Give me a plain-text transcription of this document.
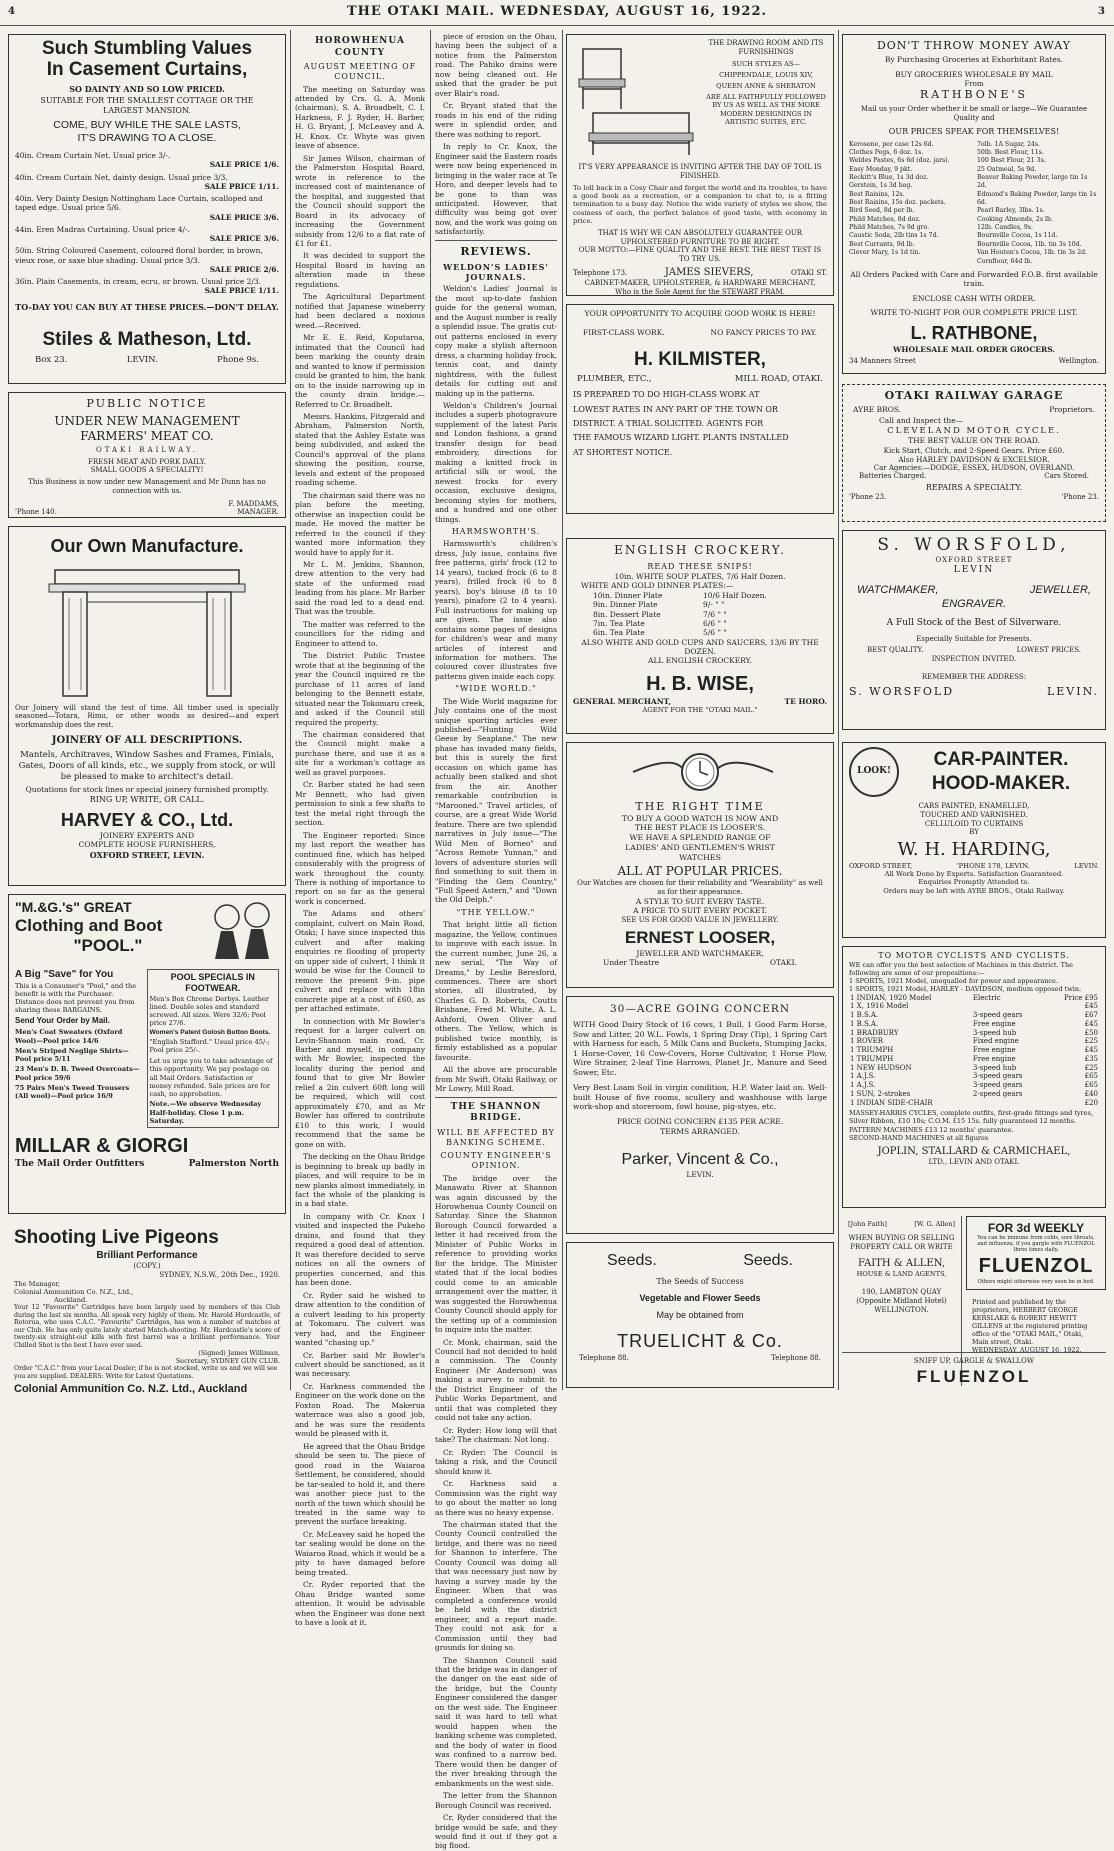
4	THE OTAKI MAIL. WEDNESDAY, AUGUST 16, 1922.	3
Such Stumbling Values
In Casement Curtains,
SO DAINTY AND SO LOW PRICED.
SUITABLE FOR THE SMALLEST COTTAGE OR THE LARGEST MANSION.
COME, BUY WHILE THE SALE LASTS,
IT'S DRAWING TO A CLOSE.
40in. Cream Curtain Net. Usual price 3/-.
SALE PRICE 1/6.
40in. Cream Curtain Net, dainty design. Usual price 3/3.
SALE PRICE 1/11.
40in. Very Dainty Design Nottingham Lace Curtain, scalloped and taped edge. Usual price 5/6.
SALE PRICE 3/6.
44in. Eren Madras Curtaining. Usual price 4/-.
SALE PRICE 3/6.
50in. String Coloured Casement, coloured floral border, in brown, vieux rose, or saxe blue shading. Usual price 3/3.
SALE PRICE 2/6.
36in. Plain Casements, in cream, ecru, or brown. Usual price 2/3.
SALE PRICE 1/11.
TO-DAY YOU CAN BUY AT THESE PRICES.—DON'T DELAY.
Stiles & Matheson, Ltd.
Box 23.	LEVIN.	Phone 9s.
PUBLIC NOTICE
UNDER NEW MANAGEMENT
FARMERS' MEAT CO.
OTAKI RAILWAY.
FRESH MEAT AND PORK DAILY.
SMALL GOODS A SPECIALITY!
This Business is now under new Management and Mr Dunn has no connection with us.
F. MADDAMS,
'Phone 140.	MANAGER.
Our Own Manufacture.
Our Joinery will stand the test of time. All timber used is specially seasoned—Totara, Rimu, or other woods as desired—and expert workmanship does the rest.
JOINERY OF ALL DESCRIPTIONS.
Mantels, Architraves, Window Sashes and Frames, Finials, Gates, Doors of all kinds, etc., we supply from stock, or will be pleased to make to architect's detail.
Quotations for stock lines or special joinery furnished promptly.
RING UP, WRITE, OR CALL.
HARVEY & CO., Ltd.
JOINERY EXPERTS AND
COMPLETE HOUSE FURNISHERS,
OXFORD STREET, LEVIN.
"M.&G.'s" GREAT
Clothing and Boot
"POOL."
A Big "Save" for You
This is a Consumer's "Pool," and the benefit is with the Purchaser. Distance does not prevent you from sharing these BARGAINS.
Send Your Order by Mail.
Men's Coat Sweaters (Oxford Wool)—Pool price 14/6
Men's Striped Neglige Shirts—Pool price 5/11
23 Men's D. B. Tweed Overcoats—Pool price 59/6
75 Pairs Men's Tweed Trousers (All wool)—Pool price 16/9
POOL SPECIALS IN FOOTWEAR.
Men's Box Chrome Derbys. Leather lined. Double soles and standard screwed. All sizes. Were 32/6; Pool price 27/6.
Women's Patent Golosh Button Boots.
"English Stafford." Usual price 45/-; Pool price 25/-.
Let us urge you to take advantage of this opportunity. We pay postage on all Mail Orders. Satisfaction or money refunded. Sale prices are for cash, no approbation.
Note.—We observe Wednesday Half-holiday. Close 1 p.m. Saturday.
MILLAR & GIORGI
The Mail Order Outfitters	Palmerston North
Shooting Live Pigeons
Brilliant Performance
(COPY.)
SYDNEY, N.S.W., 20th Dec., 1920.
The Manager,
Colonial Ammunition Co. N.Z., Ltd.,
Auckland.
Your 12 "Favourite" Cartridges have been largely used by members of this Club during the last six months. All speak very highly of them. Mr. Harold Hurdcastle, of Rotorua, who uses C.A.C. "Favourite" Cartridges, has won a number of matches at our Club. He has only quite lately started Match-shooting. Mr. Hardcastle's score of twenty-six straight-out kills with first barrel was a brilliant performance. Your Chilled Shot is the best I have ever used.
(Signed) James Williman,
Secretary, SYDNEY GUN CLUB.
Order "C.A.C." from your Local Dealer; if he is not stocked, write us and we will see you are supplied. DEALERS: Write for Latest Quotations.
Colonial Ammunition Co. N.Z. Ltd., Auckland
HOROWHENUA COUNTY
AUGUST MEETING OF COUNCIL.

The meeting on Saturday was attended by Crs. G. A. Monk (chairman), S. A. Broadbelt, C. I. Harkness, F. J. Ryder, H. Barber, H. G. Bryant, J. McLeavey and A. H. Knox. Cr. Whyte was given leave of absence.

Sir James Wilson, chairman of the Palmerston Hospital Board, wrote in reference to the increased cost of maintenance of the hospital, and suggested that the Council should support the Board in its advocacy of increasing the Government subsidy from 12/6 to a flat rate of £1 for £1.

It was decided to support the Hospital Board in having an alteration made in these regulations.

The Agricultural Department notified that Japanese wineberry had been declared a noxious weed.—Received.

Mr E. E. Reid, Koputaroa, intimated that the Council had been marking the county drain and wanted to know if permission could be granted to him, the bank on to the inside narrowing up in the county drain bridge.—Referred to Cr. Broadbelt.

Messrs. Hankins, Fitzgerald and Abraham, Palmerston North, stated that the Ashley Estate was being subdivided, and asked the Council's approval of the plans showing the position, course, levels and extent of the proposed roading scheme.

The chairman said there was no plan before the meeting, otherwise an inspection could be made. He moved the matter be referred to the council if they wanted more information they would have to apply for it.

Mr L. M. Jenkins, Shannon, drew attention to the very bad state of the unformed road leading from his place. Mr Barber said the road led to a dead end. That was the trouble.

The matter was referred to the councillors for the riding and Engineer to attend to.

The District Public Trustee wrote that at the beginning of the year the Council inquired re the purchase of 11 acres of land belonging to the Bennett estate, situated near the Tokomaru creek, and asked if the Council still required the property.

The chairman considered that the Council might make a purchase there, and use it as a site for a workman's cottage as well as gravel purposes.

Cr. Barber stated he had seen Mr Bennett, who had given permission to sink a few shafts to test the metal right through the section.

The Engineer reported: Since my last report the weather has continued fine, which has helped considerably with the progress of work throughout the county. There is nothing of importance to report on so far as the general work is concerned.

The Adams and others' complaint, culvert on Main Road, Otaki; I have since inspected this culvert and after making enquiries re flooding of property on upper side of culvert, I think it would be wise for the Council to remove the present 9-in. pipe culvert and replace with 18in concrete pipe at a cost of £60, as per attached estimate.

In connection with Mr Bowler's request for a larger culvert on Levin-Shannon main road, Cr. Barber and myself, in company with Mr Bowler, inspected the locality during the period and found that to give Mr Bowler relief a 2in culvert 60ft long will be required, which will cost approximately £70, and as Mr Bowler has offered to contribute £10 to this work, I would recommend that the same be gone on with.

The decking on the Ohau Bridge is beginning to break up badly in places, and will require to be in new planks almost immediately, in fact the whole of the planking is in a bad state.

In company with Cr. Knox I visited and inspected the Pukeho drains, and found that they required a good deal of attention. It was therefore decided to serve notices on all the owners of properties concerned, and this has been done.

Cr. Ryder said he wished to draw attention to the condition of a culvert leading to his property at Tokomaru. The culvert was very bad, and the Engineer wanted "chasing up."

Cr. Barber said Mr Bowler's culvert should be sanctioned, as it was necessary.

Cr. Harkness commended the Engineer on the work done on the Foxton Road. The Makerua waterrace was also a good job, and he was sure the residents would be pleased with it.

He agreed that the Ohau Bridge should be seen to. The piece of good road in the Waiaroa Settlement, he considered, should be tar-sealed to hold it, and there was another piece just to the north of the town which should be treated in the same way to prevent the surface breaking.

Cr. McLeavey said he hoped the tar sealing would be done on the Waiaroa Road, which it would be a pity to have damaged before being treated.

Cr. Ryder reported that the Ohau Bridge wanted some attention. It would be advisable when the Engineer was done next to have a look at it.

piece of erosion on the Ohau, having been the subject of a notice from the Palmerston road. The Pahiko drains were now being cleaned out. He asked that the grader be put over Blair's road.

Cr. Bryant stated that the roads in his end of the riding were in splendid order, and there was nothing to report.

In reply to Cr. Knox, the Engineer said the Eastern roads were now being experienced in bringing in the water race at Te Horo, and deeper levels had to be gone to than was anticipated. However, that difficulty was being got over now, and the work was going on satisfactorily.

REVIEWS.
WELDON'S LADIES' JOURNALS.

Weldon's Ladies' Journal is the most up-to-date fashion guide for the general woman, and the August number is really a splendid issue. The gratis cut-out patterns enclosed in every copy make a stylish afternoon dress, a charming holiday frock, tennis coat, and dainty nightdress, with the fullest details for cutting out and making up in the patterns.

Weldon's Children's Journal includes a superb photogravure supplement of the latest Paris and London fashions, a grand transfer design for bead embroidery, directions for making a knitted frock in artificial silk or wool, the newest frocks for every occasion, exclusive designs, becoming styles for mothers, and a hundred and one other things.

HARMSWORTH'S.

Harmsworth's children's dress, July issue, contains five free patterns, girls' frock (12 to 14 years), tucked frock (6 to 8 years), frilled frock (6 to 8 years), boy's blouse (8 to 10 years), pinafore (2 to 4 years). Full instructions for making up are given. The issue also contains some pages of designs for children's wear and many articles of interest and information for mothers. The coloured cover illustrates five patterns given inside each copy.

"WIDE WORLD."

The Wide World magazine for July contains one of the most unique sporting articles ever published—"Hunting Wild Geese by Seaplane." The new phase has invaded many fields, but this is surely the first occasion on which game has actually been stalked and shot from the air. Another remarkable contribution is "Marooned." Travel articles, of course, are a great Wide World feature. There are two splendid narratives in July issue—"The Wild Men of Borneo" and "Across Remote Yunnan," and lovers of adventure stories will find something to suit them in "Finding the Gem Country," "Full Speed Astern," and "Down the Old Delph."

"THE YELLOW."

That bright little all fiction magazine, the Yellow, continues to improve with each issue. In the current number, June 26, a new serial, "The Way of Dreams," by Leslie Beresford, commences. There are short stories, all illustrated, by Charles G. D. Roberts, Coutts Brisbane, Fred M. White, A. L. Ashford, Owen Oliver and others. The Yellow, which is published twice monthly, is firmly established as a popular favourite.

All the above are procurable from Mr Swift, Otaki Railway, or Mr Lowry, Mill Road.

THE SHANNON BRIDGE.
WILL BE AFFECTED BY BANKING SCHEME.
COUNTY ENGINEER'S OPINION.

The bridge over the Manawatu River at Shannon was again discussed by the Horowhenua County Council on Saturday. Since the Shannon Borough Council forwarded a letter it had received from the Minister of Public Works in reference to providing works for the bridge. The Minister stated that if the local bodies could come to an amicable arrangement over the matter, it was suggested the Horowhenua County Council should apply for the setting up of a commission to inquire into the matter.

Cr. Monk, chairman, said the Council had not decided to hold a commission. The County Engineer (Mr Anderson) was making a survey to submit to the District Engineer of the Public Works Department, and until that was completed they could not take any action.

Cr. Ryder: How long will that take? The chairman: Not long.

Cr. Ryder: The Council is taking a risk, and the Council should know it.

Cr. Harkness said a Commission was the right way to go about the matter so long as there was no heavy expense.

The chairman stated that the County Council controlled the bridge, and there was no need for Shannon to interfere. The County Council was doing all that was necessary just now by having a survey made by the Engineer. When that was completed a conference would be held with the district engineer, and a report made. They could not ask for a Commission until they had grounds for doing so.

The Shannon Council said that the bridge was in danger of the danger on the east side of the bridge, but the County Engineer considered the danger on the west side. The Engineer said it was hard to tell what would happen when the banking scheme was completed, and the body of water in flood was confined to a narrow bed. There would then be danger of the river breaking through the embankments on the west side.

The letter from the Shannon Borough Council was received.

Cr. Ryder considered that the bridge would be safe, and they would find it out if they got a big flood.

THE DRAWING ROOM AND ITS FURNISHINGS
SUCH STYLES AS—
CHIPPENDALE, LOUIS XIV,
QUEEN ANNE & SHERATON
ARE ALL FAITHFULLY FOLLOWED BY US AS WELL AS THE MORE MODERN DESIGNINGS IN ARTISTIC SUITES, ETC.
IT'S VERY APPEARANCE IS INVITING AFTER THE DAY OF TOIL IS FINISHED.
To loll back in a Cosy Chair and forget the world and its troubles, to have a good book as a recreation, or a companion to chat to, is a fitting termination to a busy day. Notice the wide variety of styles we show, the cosiness of each, the perfect balance of good taste, with economy in price.
THAT IS WHY WE CAN ABSOLUTELY GUARANTEE OUR UPHOLSTERED FURNITURE TO BE RIGHT.
OUR MOTTO:—FINE QUALITY AND THE BEST. THE BEST TEST IS TO TRY US.
Telephone 173.	JAMES SIEVERS,	OTAKI ST.
CABINET-MAKER, UPHOLSTERER, & HARDWARE MERCHANT,
Who is the Sole Agent for the STEWART PRAM.
YOUR OPPORTUNITY TO ACQUIRE GOOD WORK IS HERE!
FIRST-CLASS WORK.	NO FANCY PRICES TO PAY.
H. KILMISTER,
PLUMBER, ETC.,	MILL ROAD, OTAKI.
IS PREPARED TO DO HIGH-CLASS WORK AT
LOWEST RATES IN ANY PART OF THE TOWN OR
DISTRICT. A TRIAL SOLICITED. AGENTS FOR
THE FAMOUS WIZARD LIGHT. PLANTS INSTALLED
AT SHORTEST NOTICE.
ENGLISH CROCKERY.
READ THESE SNIPS!
10in. WHITE SOUP PLATES, 7/6 Half Dozen.
WHITE AND GOLD DINNER PLATES:—
10in. Dinner Plate	10/6 Half Dozen.
9in. Dinner Plate	9/- " "
8in. Dessert Plate	7/6 " "
7in. Tea Plate	6/6 " "
6in. Tea Plate	5/6 " "
ALSO WHITE AND GOLD CUPS AND SAUCERS, 13/6 BY THE DOZEN.
ALL ENGLISH CROCKERY.
H. B. WISE,
GENERAL MERCHANT,	TE HORO.
AGENT FOR THE "OTAKI MAIL."
THE RIGHT TIME
TO BUY A GOOD WATCH IS NOW AND
THE BEST PLACE IS LOOSER'S.
WE HAVE A SPLENDID RANGE OF
LADIES' AND GENTLEMEN'S WRIST
WATCHES
ALL AT POPULAR PRICES.
Our Watches are chosen for their reliability and "Wearability" as well as for their appearance.
A STYLE TO SUIT EVERY TASTE.
A PRICE TO SUIT EVERY POCKET.
SEE US FOR GOOD VALUE IN JEWELLERY.
ERNEST LOOSER,
JEWELLER AND WATCHMAKER,
Under Theatre	OTAKI.
30—ACRE GOING CONCERN
WITH Good Dairy Stock of 16 cows, 1 Bull, 1 Good Farm Horse, Sow and Litter, 20 W.L. Fowls, 1 Spring Dray (Tip), 1 Spring Cart with Harness for each, 5 Milk Cans and Buckets, Stumping Jacks, 1 Horse-Cover, 16 Cow-Covers, Horse Cultivator, 1 Horse Plow, Wire Strainer, 2-leaf Tine Harrows, Planet Jr., Manure and Seed Sower, Etc.
Very Best Loam Soil in virgin condition, H.P. Water laid on. Well-built House of five rooms, scullery and washhouse with large work-shop and storeroom, fowl house, pig-styes, etc.
PRICE GOING CONCERN £135 PER ACRE.
TERMS ARRANGED.
Parker, Vincent & Co.,
LEVIN.
Seeds.	Seeds.
The Seeds of Success
Vegetable and Flower Seeds
May be obtained from
TRUELICHT & Co.
Telephone 88.	Telephone 88.
DON'T THROW MONEY AWAY
By Purchasing Groceries at Exhorbitant Rates.
BUY GROCERIES WHOLESALE BY MAIL
From
RATHBONE'S
Mail us your Order whether it be small or large—We Guarantee Quality and
OUR PRICES SPEAK FOR THEMSELVES!
Kerosene, per case 12s 6d.
Clothes Pegs, 6 doz. 1s.
Weldes Pastes, 6s 6d (doz. jars).
Easy Monday, 9 pkt.
Reckitt's Blue, 1s 3d doz.
Gerstein, 1s 3d bag.
Best Raisins, 12s.
Best Raisins, 15s doz. packets.
Bird Seed, 8d per lb.
Phild Matches, 8d doz.
Phild Matches, 7s 9d gro.
Caustic Soda, 2lb tins 1s 7d.
Best Currants, 9d lb.
Clever Mary, 1s 1d tin.
7olb. 1A Sugar, 24s.
50lb. Best Flour, 11s.
100 Best Flour, 21 3s.
25 Oatmeal, 5s 9d.
Beaver Baking Powder, large tin 1s 2d.
Edmond's Baking Powder, large tin 1s 6d.
Pearl Barley, 3lbs. 1s.
Cooking Almonds, 2s lb.
12lb. Candles, 9s.
Bournville Cocoa, 1s 11d.
Bournville Cocoa, 1lb. tin 3s 10d.
Van Houten's Cocoa, 1lb. tin 3s 2d.
Cornflour, 64d lb.
All Orders Packed with Care and Forwarded F.O.B. first available train.
ENCLOSE CASH WITH ORDER.
WRITE TO-NIGHT FOR OUR COMPLETE PRICE LIST.
L. RATHBONE,
WHOLESALE MAIL ORDER GROCERS.
34 Manners Street	Wellington.
OTAKI RAILWAY GARAGE
AYRE BROS.	Proprietors.
Call and Inspect the—
CLEVELAND MOTOR CYCLE.
THE BEST VALUE ON THE ROAD.
Kick Start, Clutch, and 2-Speed Gears. Price £60.
Also HARLEY DAVIDSON & EXCELSIOR.
Car Agencies:—DODGE, ESSEX, HUDSON, OVERLAND.
Batteries Charged.	Cars Stored.
REPAIRS A SPECIALTY.
'Phone 23.	'Phone 23.
S. WORSFOLD,
OXFORD STREET
LEVIN
WATCHMAKER,	JEWELLER,
ENGRAVER.
A Full Stock of the Best of Silverware.
Especially Suitable for Presents.
BEST QUALITY.	LOWEST PRICES.
INSPECTION INVITED.
REMEMBER THE ADDRESS:
S. WORSFOLD	LEVIN.
LOOK!
CAR-PAINTER.
HOOD-MAKER.
CARS PAINTED, ENAMELLED,
TOUCHED AND VARNISHED.
CELLULOID TO CURTAINS
BY
W. H. HARDING,
OXFORD STREET,	'PHONE 178, LEVIN.	LEVIN.
All Work Done by Experts. Satisfaction Guaranteed.
Enquiries Promptly Attended to.
Orders may be left with AYRE BROS., Otaki Railway.
TO MOTOR CYCLISTS AND CYCLISTS.
WE can offer you the best selection of Machines in this district. The following are some of our propositions:—
1 SPORTS, 1921 Model, unequalled for power and appearance.
1 SPORTS, 1921 Model, HARLEY - DAVIDSON, medium opposed twin.
1 INDIAN, 1920 Model	Electric	Price £95
1 X, 1916 Model		£45
1 B.S.A.	3-speed gears	£67
1 B.S.A.	Free engine	£45
1 BRADBURY	3-speed hub	£50
1 ROVER	Fixed engine	£25
1 TRIUMPH	Free engine	£45
1 TRIUMPH	Free engine	£35
1 NEW HUDSON	3-speed hub	£25
1 A.J.S.	3-speed gears	£65
1 A.J.S.	3-speed gears	£65
1 SUN, 2-strokes	2-speed gears	£40
1 INDIAN SIDE-CHAIR		£20
MASSEY-HARRIS CYCLES, complete outfits, first-grade fittings and tyres, Silver Ribbon, £10 10s; C.O.M. £15 15s. fully guaranteed 12 months.
PATTERN MACHINES £13 12 months' guarantee.
SECOND-HAND MACHINES at all figures
JOPLIN, STALLARD & CARMICHAEL,
LTD., LEVIN AND OTAKI.
[John Faith]	[W. G. Allen]
WHEN BUYING OR SELLING
PROPERTY CALL OR WRITE
FAITH & ALLEN,
HOUSE & LAND AGENTS,
190, LAMBTON QUAY
(Opposite Midland Hotel)
WELLINGTON.
FOR 3d WEEKLY
You can be immune from colds, sore throats, and influenza, if you gargle with FLUENZOL three times daily.
FLUENZOL
Others might otherwise very soon be in bed.
Printed and published by the proprietors, HERBERT GEORGE KERSLAKE & ROBERT HEWITT GILLENS at the registered printing office of the "OTAKI MAIL," Otaki, Main street, Otaki.
WEDNESDAY, AUGUST 16, 1922.
SNIFF UP, GARGLE & SWALLOW
FLUENZOL
